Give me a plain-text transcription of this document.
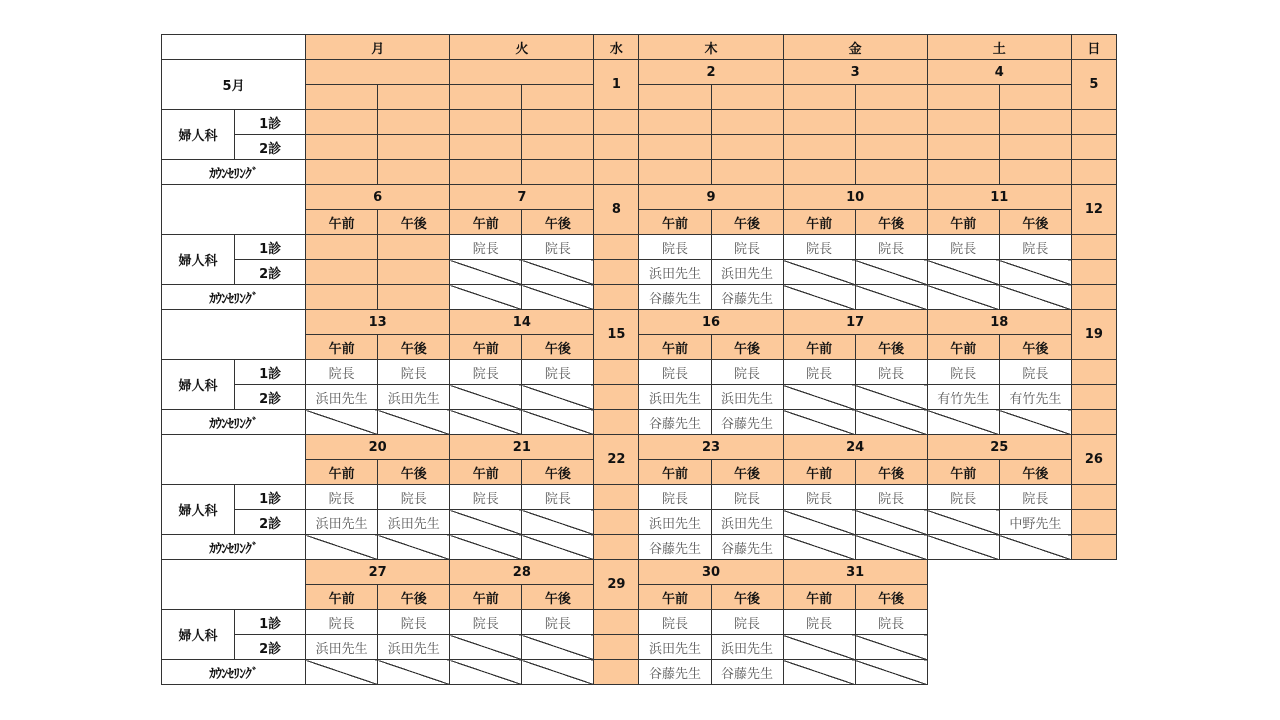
		月		火		水	木		金		土		日
5月						1	2		3		4		5

婦人科	1診												
	2診												
ｶｳﾝｾﾘﾝｸﾞ													
		6		7		8	9		10		11		12
		午前	午後	午前	午後		午前	午後	午前	午後	午前	午後	
婦人科	1診			院長	院長		院長	院長	院長	院長	院長	院長	
	2診						浜田先生	浜田先生					
ｶｳﾝｾﾘﾝｸﾞ							谷藤先生	谷藤先生					
		13		14		15	16		17		18		19
		午前	午後	午前	午後		午前	午後	午前	午後	午前	午後	
婦人科	1診	院長	院長	院長	院長		院長	院長	院長	院長	院長	院長	
	2診	浜田先生	浜田先生				浜田先生	浜田先生			有竹先生	有竹先生	
ｶｳﾝｾﾘﾝｸﾞ							谷藤先生	谷藤先生					
		20		21		22	23		24		25		26
		午前	午後	午前	午後		午前	午後	午前	午後	午前	午後	
婦人科	1診	院長	院長	院長	院長		院長	院長	院長	院長	院長	院長	
	2診	浜田先生	浜田先生				浜田先生	浜田先生				中野先生	
ｶｳﾝｾﾘﾝｸﾞ							谷藤先生	谷藤先生					
		27		28		29	30		31				
		午前	午後	午前	午後		午前	午後	午前	午後			
婦人科	1診	院長	院長	院長	院長		院長	院長	院長	院長			
	2診	浜田先生	浜田先生				浜田先生	浜田先生					
ｶｳﾝｾﾘﾝｸﾞ							谷藤先生	谷藤先生					
